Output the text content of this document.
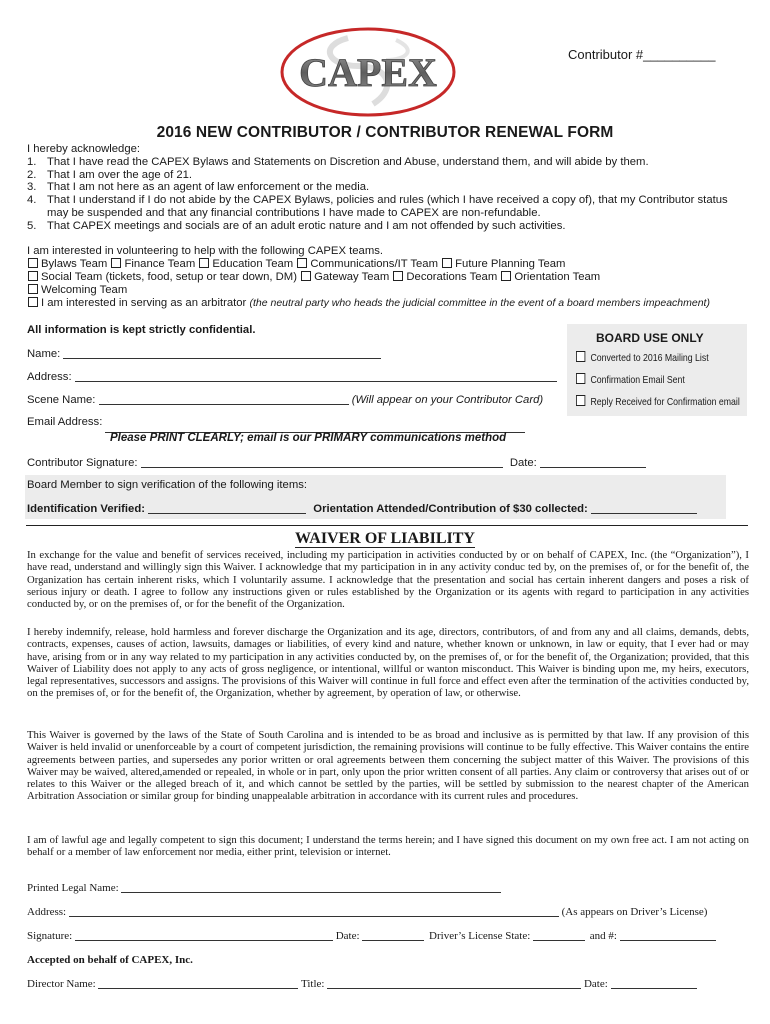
CAPEX	Contributor #__________
2016 NEW CONTRIBUTOR / CONTRIBUTOR RENEWAL FORM
I hereby acknowledge:
1. That I have read the CAPEX Bylaws and Statements on Discretion and Abuse, understand them, and will abide by them.
2. That I am over the age of 21.
3. That I am not here as an agent of law enforcement or the media.
4. That I understand if I do not abide by the CAPEX Bylaws, policies and rules (which I have received a copy of), that my Contributor status may be suspended and that any financial contributions I have made to CAPEX are non-refundable.
5. That CAPEX meetings and socials are of an adult erotic nature and I am not offended by such activities.
I am interested in volunteering to help with the following CAPEX teams.
Bylaws Team Finance Team Education Team Communications/IT Team Future Planning Team
Social Team (tickets, food, setup or tear down, DM) Gateway Team Decorations Team Orientation Team
Welcoming Team
I am interested in serving as an arbitrator (the neutral party who heads the judicial committee in the event of a board members impeachment)
All information is kept strictly confidential.
BOARD USE ONLY
Converted to 2016 Mailing List
Confirmation Email Sent
Reply Received for Confirmation email
Name:
Address:
Scene Name:	(Will appear on your Contributor Card)
Email Address:
Please PRINT CLEARLY; email is our PRIMARY communications method
Contributor Signature:	Date:
Board Member to sign verification of the following items:
Identification Verified:	Orientation Attended/Contribution of $30 collected:
WAIVER OF LIABILITY
In exchange for the value and benefit of services received, including my participation in activities conducted by or on behalf of CAPEX, Inc. (the “Organization”), I have read, understand and willingly sign this Waiver. I acknowledge that my participation in in any activity conduc ted by, on the premises of, or for the benefit of, the Organization has certain inherent risks, which I voluntarily assume. I acknowledge that the presentation and social has certain inherent dangers and poses a risk of serious injury or death. I agree to follow any instructions given or rules established by the Organization or its agents with regard to participation in any activities conducted by, or on the premises of, or for the benefit of the Organization.
I hereby indemnify, release, hold harmless and forever discharge the Organization and its age, directors, contributors, of and from any and all claims, demands, debts, contracts, expenses, causes of action, lawsuits, damages or liabilities, of every kind and nature, whether known or unknown, in law or equity, that I ever had or may have, arising from or in any way related to my participation in any activities conducted by, on the premises of, or for the benefit of, the Organization; provided, that this Waiver of Liability does not apply to any acts of gross negligence, or intentional, willful or wanton misconduct. This Waiver is binding upon me, my heirs, executors, legal representatives, successors and assigns. The provisions of this Waiver will continue in full force and effect even after the termination of the activities conducted by, on the premises of, or for the benefit of, the Organization, whether by agreement, by operation of law, or otherwise.
This Waiver is governed by the laws of the State of South Carolina and is intended to be as broad and inclusive as is permitted by that law. If any provision of this Waiver is held invalid or unenforceable by a court of competent jurisdiction, the remaining provisions will continue to be fully effective. This Waiver contains the entire agreements between parties, and supersedes any porior written or oral agreements between them concerning the subject matter of this Waiver. The provisions of this Waiver may be waived, altered,amended or repealed, in whole or in part, only upon the prior written consent of all parties. Any claim or controversy that arises out of or relates to this Waiver or the alleged breach of it, and which cannot be settled by the parties, will be settled by submission to the nearest chapter of the American Arbitration Association or similar group for binding unappealable arbitration in accordance with its current rules and procedures.
I am of lawful age and legally competent to sign this document; I understand the terms herein; and I have signed this document on my own free act. I am not acting on behalf or a member of law enforcement nor media, either print, television or internet.
Printed Legal Name:
Address:	(As appears on Driver’s License)
Signature:	Date:	Driver’s License State:	and #:
Accepted on behalf of CAPEX, Inc.
Director Name:	Title:	Date:
